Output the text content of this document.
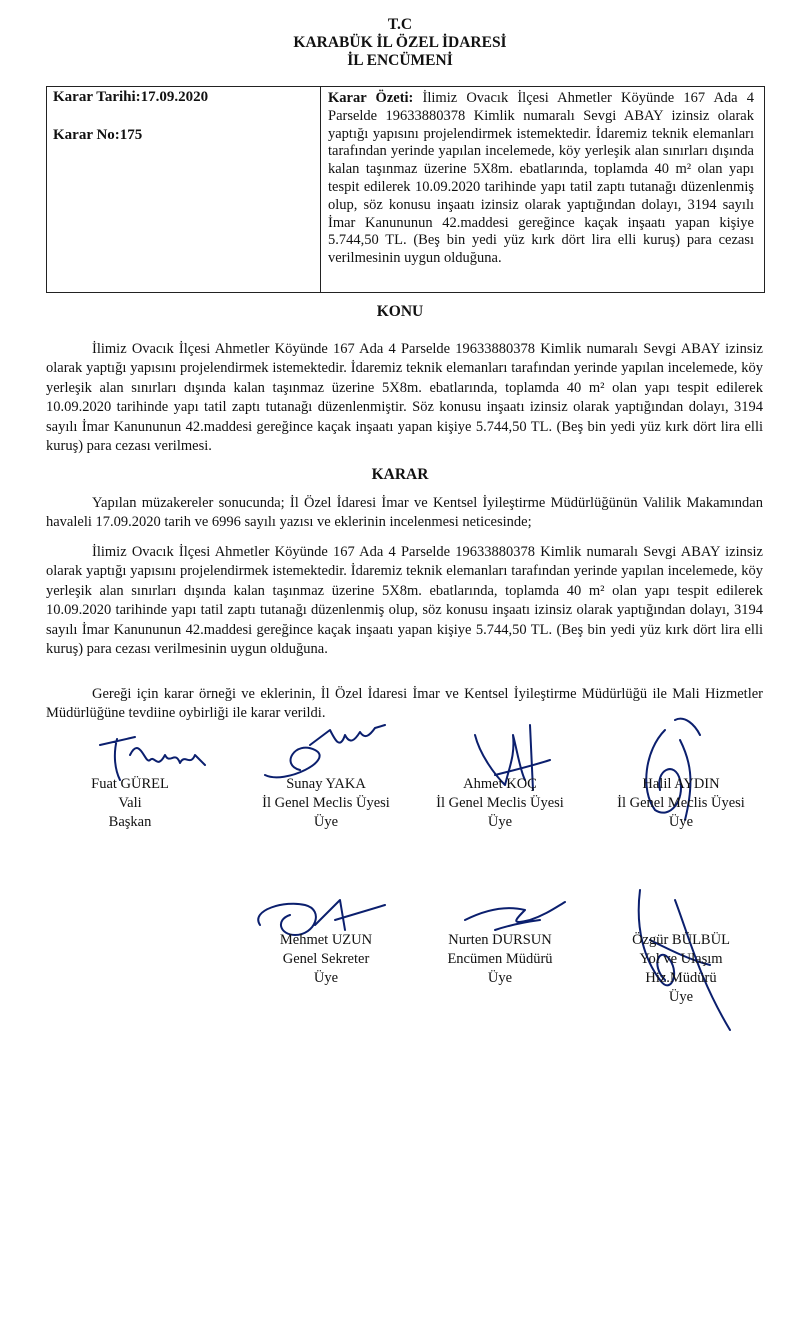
T.C
KARABÜK İL ÖZEL İDARESİ
İL ENCÜMENİ
Karar Tarihi:17.09.2020
Karar No:175

Karar Özeti: İlimiz Ovacık İlçesi Ahmetler Köyünde 167 Ada 4 Parselde 19633880378 Kimlik numaralı Sevgi ABAY izinsiz olarak yaptığı yapısını projelendirmek istemektedir. İdaremiz teknik elemanları tarafından yerinde yapılan incelemede, köy yerleşik alan sınırları dışında kalan taşınmaz üzerine 5X8m. ebatlarında, toplamda 40 m² olan yapı tespit edilerek 10.09.2020 tarihinde yapı tatil zaptı tutanağı düzenlenmiş olup, söz konusu inşaatı izinsiz olarak yaptığından dolayı, 3194 sayılı İmar Kanununun 42.maddesi gereğince kaçak inşaatı yapan kişiye 5.744,50 TL. (Beş bin yedi yüz kırk dört lira elli kuruş) para cezası verilmesinin uygun olduğuna.

KONU

İlimiz Ovacık İlçesi Ahmetler Köyünde 167 Ada 4 Parselde 19633880378 Kimlik numaralı Sevgi ABAY izinsiz olarak yaptığı yapısını projelendirmek istemektedir. İdaremiz teknik elemanları tarafından yerinde yapılan incelemede, köy yerleşik alan sınırları dışında kalan taşınmaz üzerine 5X8m. ebatlarında, toplamda 40 m² olan yapı tespit edilerek 10.09.2020 tarihinde yapı tatil zaptı tutanağı düzenlenmiştir. Söz konusu inşaatı izinsiz olarak yaptığından dolayı, 3194 sayılı İmar Kanununun 42.maddesi gereğince kaçak inşaatı yapan kişiye 5.744,50 TL. (Beş bin yedi yüz kırk dört lira elli kuruş) para cezası verilmesi.

KARAR

Yapılan müzakereler sonucunda; İl Özel İdaresi İmar ve Kentsel İyileştirme Müdürlüğünün Valilik Makamından havaleli 17.09.2020 tarih ve 6996 sayılı yazısı ve eklerinin incelenmesi neticesinde;

İlimiz Ovacık İlçesi Ahmetler Köyünde 167 Ada 4 Parselde 19633880378 Kimlik numaralı Sevgi ABAY izinsiz olarak yaptığı yapısını projelendirmek istemektedir. İdaremiz teknik elemanları tarafından yerinde yapılan incelemede, köy yerleşik alan sınırları dışında kalan taşınmaz üzerine 5X8m. ebatlarında, toplamda 40 m² olan yapı tespit edilerek 10.09.2020 tarihinde yapı tatil zaptı tutanağı düzenlenmiş olup, söz konusu inşaatı izinsiz olarak yaptığından dolayı, 3194 sayılı İmar Kanununun 42.maddesi gereğince kaçak inşaatı yapan kişiye 5.744,50 TL. (Beş bin yedi yüz kırk dört lira elli kuruş) para cezası verilmesinin uygun olduğuna.

Gereği için karar örneği ve eklerinin, İl Özel İdaresi İmar ve Kentsel İyileştirme Müdürlüğü ile Mali Hizmetler Müdürlüğüne tevdiine oybirliği ile karar verildi.

Fuat GÜREL
Vali
Başkan
Sunay YAKA
İl Genel Meclis Üyesi
Üye
Ahmet KOÇ
İl Genel Meclis Üyesi
Üye
Halil AYDIN
İl Genel Meclis Üyesi
Üye
Mehmet UZUN
Genel Sekreter
Üye
Nurten DURSUN
Encümen Müdürü
Üye
Özgür BÜLBÜL
Yol ve Ulaşım
Hiz.Müdürü
Üye
